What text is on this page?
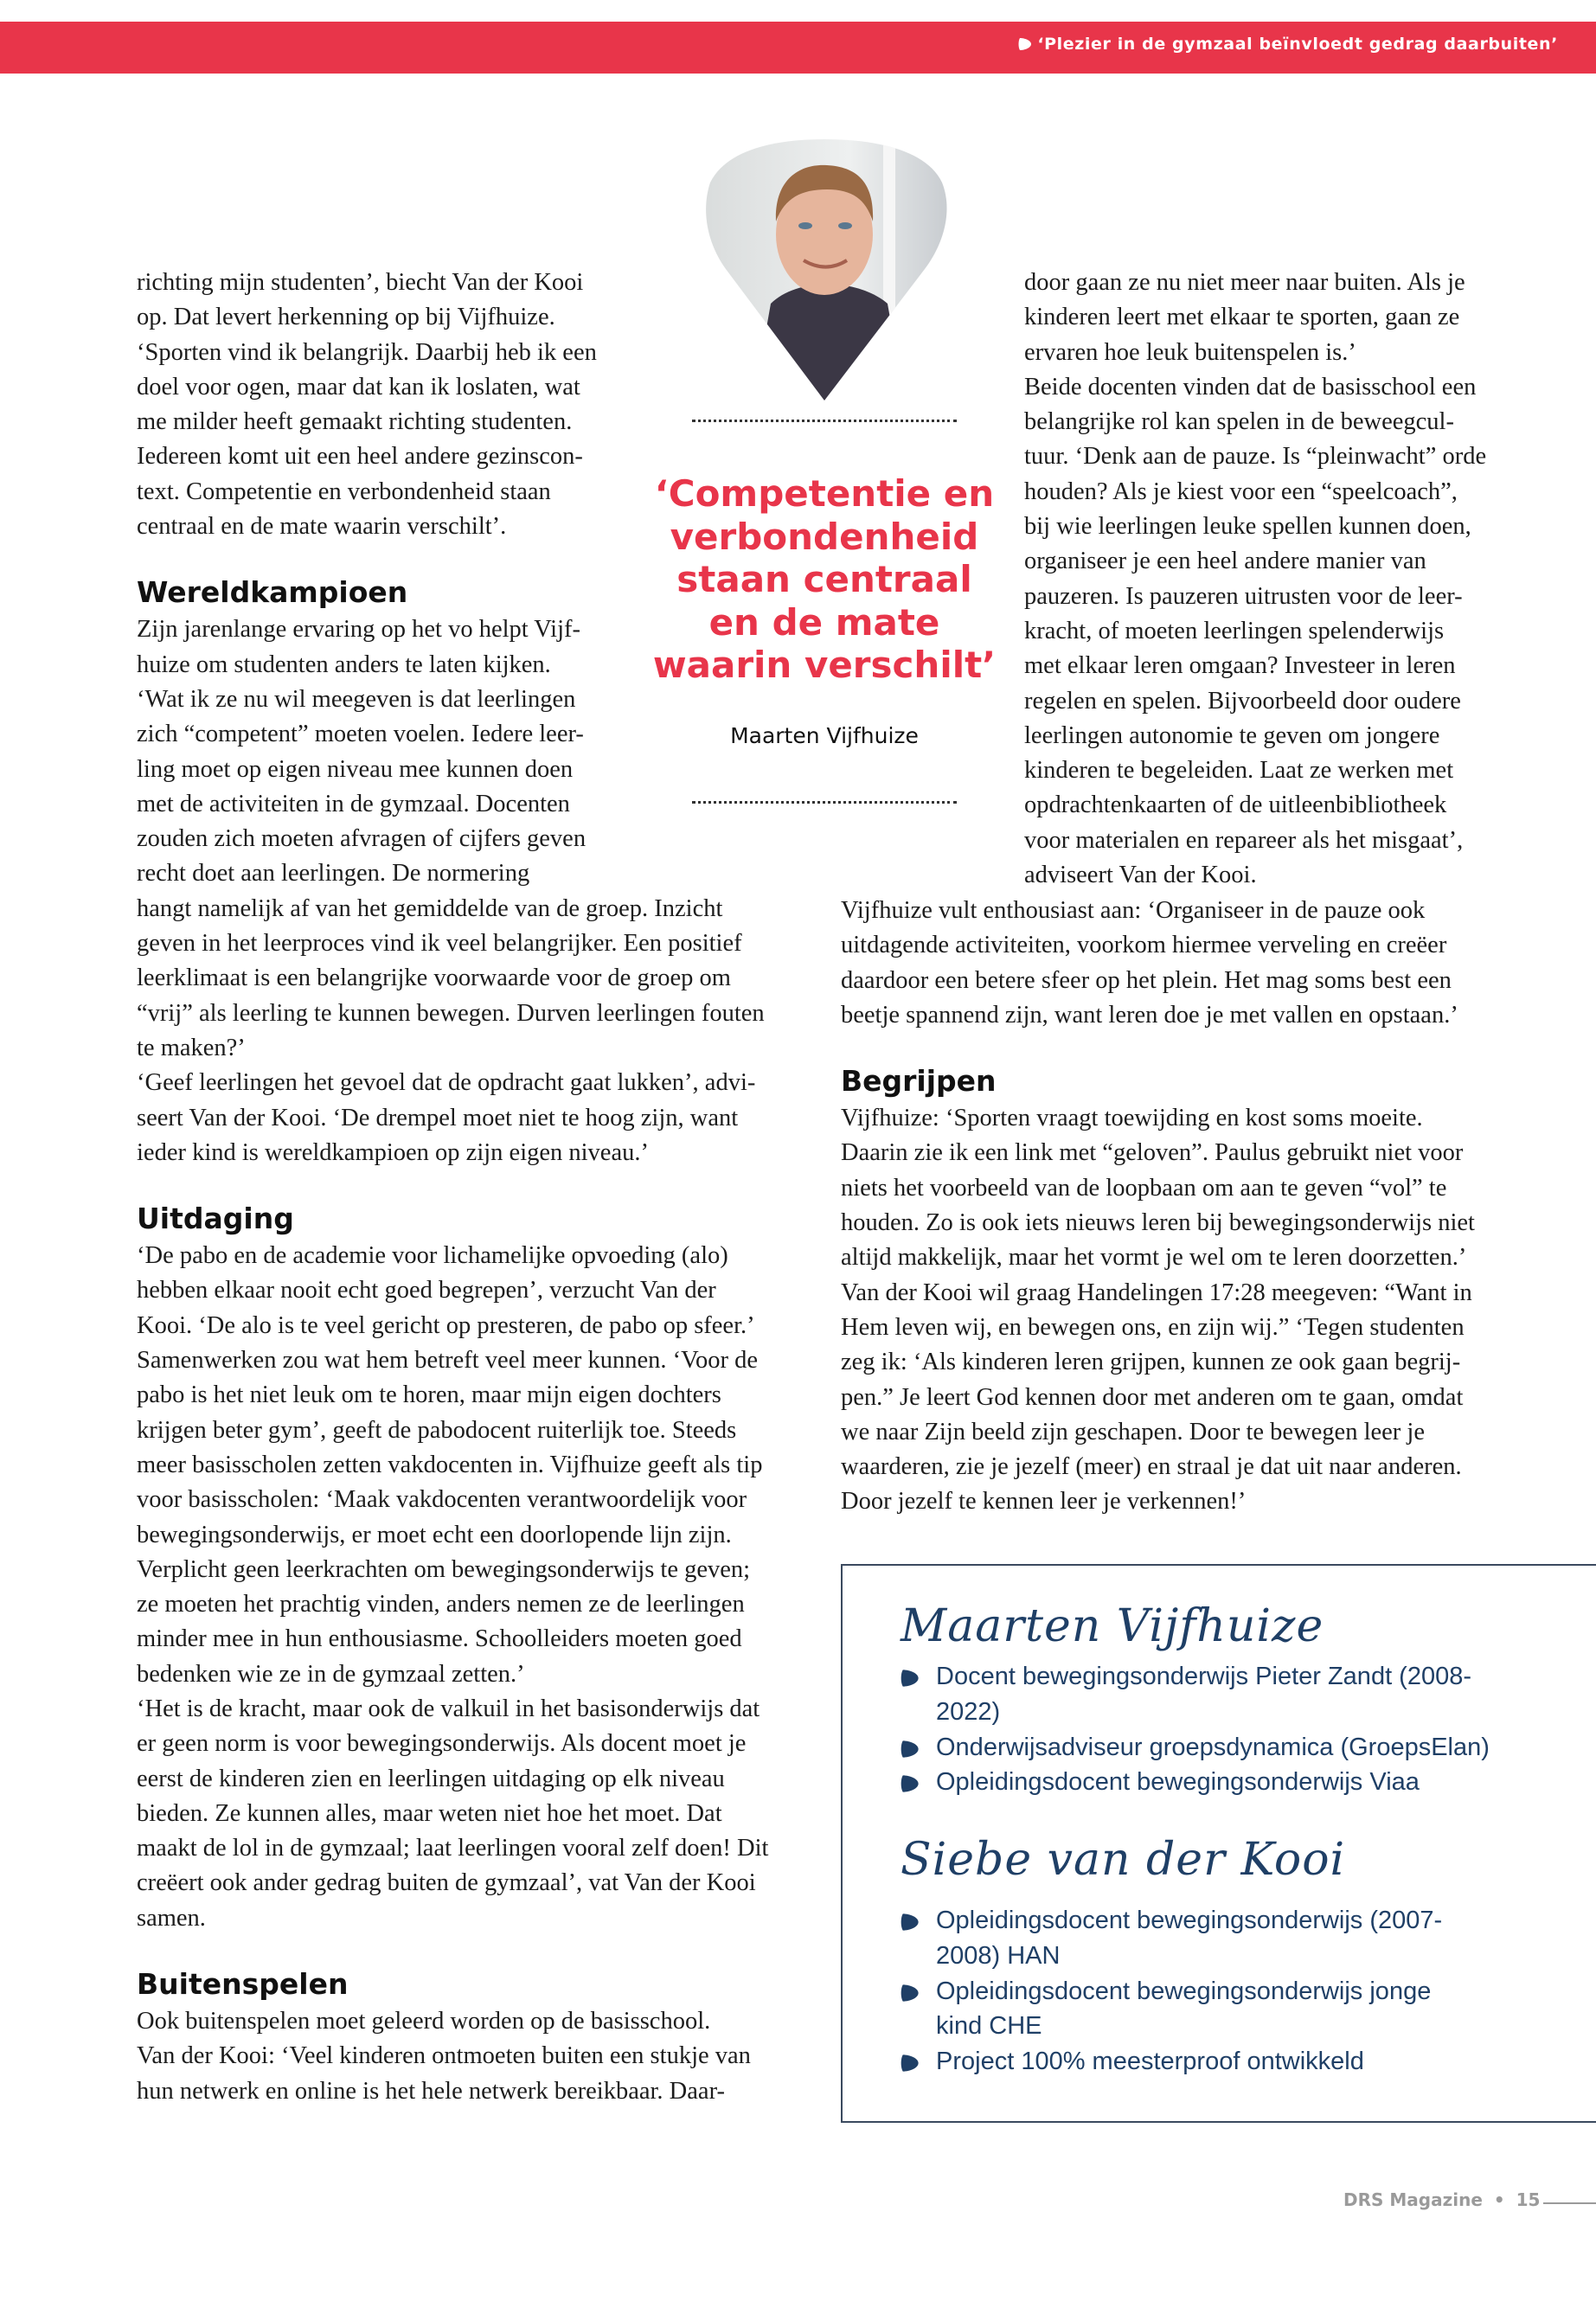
‘Plezier in de gymzaal beïnvloedt gedrag daarbuiten’
richting mijn studenten’, biecht Van der Kooi
op. Dat levert herkenning op bij Vijfhuize.
‘Sporten vind ik belangrijk. Daarbij heb ik een
doel voor ogen, maar dat kan ik loslaten, wat
me milder heeft gemaakt richting studenten.
Iedereen komt uit een heel andere gezinscon-
text. Competentie en verbondenheid staan
centraal en de mate waarin verschilt’.
Wereldkampioen
Zijn jarenlange ervaring op het vo helpt Vijf-
huize om studenten anders te laten kijken.
‘Wat ik ze nu wil meegeven is dat leerlingen
zich “competent” moeten voelen. Iedere leer-
ling moet op eigen niveau mee kunnen doen
met de activiteiten in de gymzaal. Docenten
zouden zich moeten afvragen of cijfers geven
recht doet aan leerlingen. De normering
hangt namelijk af van het gemiddelde van de groep. Inzicht
geven in het leerproces vind ik veel belangrijker. Een positief
leerklimaat is een belangrijke voorwaarde voor de groep om
“vrij” als leerling te kunnen bewegen. Durven leerlingen fouten
te maken?’
‘Geef leerlingen het gevoel dat de opdracht gaat lukken’, advi-
seert Van der Kooi. ‘De drempel moet niet te hoog zijn, want
ieder kind is wereldkampioen op zijn eigen niveau.’
Uitdaging
‘De pabo en de academie voor lichamelijke opvoeding (alo)
hebben elkaar nooit echt goed begrepen’, verzucht Van der
Kooi. ‘De alo is te veel gericht op presteren, de pabo op sfeer.’
Samenwerken zou wat hem betreft veel meer kunnen. ‘Voor de
pabo is het niet leuk om te horen, maar mijn eigen dochters
krijgen beter gym’, geeft de pabodocent ruiterlijk toe. Steeds
meer basisscholen zetten vakdocenten in. Vijfhuize geeft als tip
voor basisscholen: ‘Maak vakdocenten verantwoordelijk voor
bewegingsonderwijs, er moet echt een doorlopende lijn zijn.
Verplicht geen leerkrachten om bewegingsonderwijs te geven;
ze moeten het prachtig vinden, anders nemen ze de leerlingen
minder mee in hun enthousiasme. Schoolleiders moeten goed
bedenken wie ze in de gymzaal zetten.’
‘Het is de kracht, maar ook de valkuil in het basisonderwijs dat
er geen norm is voor bewegingsonderwijs. Als docent moet je
eerst de kinderen zien en leerlingen uitdaging op elk niveau
bieden. Ze kunnen alles, maar weten niet hoe het moet. Dat
maakt de lol in de gymzaal; laat leerlingen vooral zelf doen! Dit
creëert ook ander gedrag buiten de gymzaal’, vat Van der Kooi
samen.
Buitenspelen
Ook buitenspelen moet geleerd worden op de basisschool.
Van der Kooi: ‘Veel kinderen ontmoeten buiten een stukje van
hun netwerk en online is het hele netwerk bereikbaar. Daar-
door gaan ze nu niet meer naar buiten. Als je
kinderen leert met elkaar te sporten, gaan ze
ervaren hoe leuk buitenspelen is.’
Beide docenten vinden dat de basisschool een
belangrijke rol kan spelen in de beweegcul-
tuur. ‘Denk aan de pauze. Is “pleinwacht” orde
houden? Als je kiest voor een “speelcoach”,
bij wie leerlingen leuke spellen kunnen doen,
organiseer je een heel andere manier van
pauzeren. Is pauzeren uitrusten voor de leer-
kracht, of moeten leerlingen spelenderwijs
met elkaar leren omgaan? Investeer in leren
regelen en spelen. Bijvoorbeeld door oudere
leerlingen autonomie te geven om jongere
kinderen te begeleiden. Laat ze werken met
opdrachtenkaarten of de uitleenbibliotheek
voor materialen en repareer als het misgaat’,
adviseert Van der Kooi.
Vijfhuize vult enthousiast aan: ‘Organiseer in de pauze ook
uitdagende activiteiten, voorkom hiermee verveling en creëer
daardoor een betere sfeer op het plein. Het mag soms best een
beetje spannend zijn, want leren doe je met vallen en opstaan.’
Begrijpen
Vijfhuize: ‘Sporten vraagt toewijding en kost soms moeite.
Daarin zie ik een link met “geloven”. Paulus gebruikt niet voor
niets het voorbeeld van de loopbaan om aan te geven “vol” te
houden. Zo is ook iets nieuws leren bij bewegingsonderwijs niet
altijd makkelijk, maar het vormt je wel om te leren doorzetten.’
Van der Kooi wil graag Handelingen 17:28 meegeven: “Want in
Hem leven wij, en bewegen ons, en zijn wij.” ‘Tegen studenten
zeg ik: ‘Als kinderen leren grijpen, kunnen ze ook gaan begrij-
pen.” Je leert God kennen door met anderen om te gaan, omdat
we naar Zijn beeld zijn geschapen. Door te bewegen leer je
waarderen, zie je jezelf (meer) en straal je dat uit naar anderen.
Door jezelf te kennen leer je verkennen!’
‘Competentie en
verbondenheid
staan centraal
en de mate
waarin verschilt’
Maarten Vijfhuize
Maarten Vijfhuize
Docent bewegingsonderwijs Pieter Zandt (2008-
2022)
Onderwijsadviseur groepsdynamica (GroepsElan)
Opleidingsdocent bewegingsonderwijs Viaa
Siebe van der Kooi
Opleidingsdocent bewegingsonderwijs (2007-
2008) HAN
Opleidingsdocent bewegingsonderwijs jonge
kind CHE
Project 100% meesterproof ontwikkeld
DRS Magazine • 15
